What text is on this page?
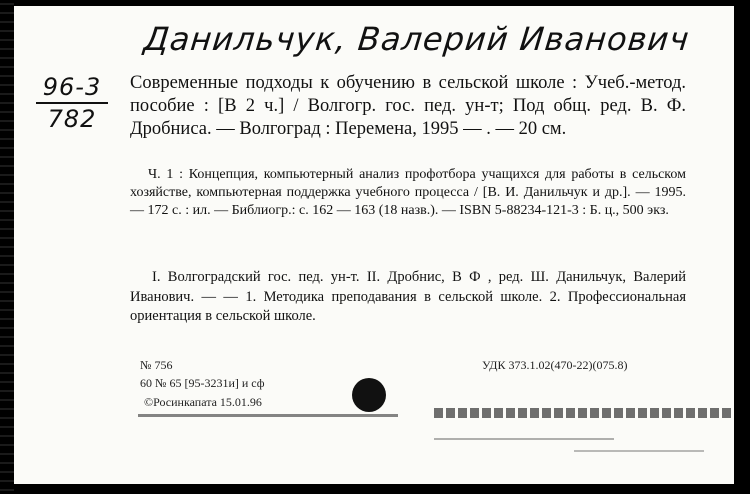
Данильчук, Валерий Иванович
96-3
782
Современные подходы к обучению в сельской школе : Учеб.-метод. пособие : [В 2 ч.] / Волгогр. гос. пед. ун-т; Под общ. ред. В. Ф. Дробниса. — Волгоград : Перемена, 1995 — . — 20 см.
Ч. 1 : Концепция, компьютерный анализ профотбора учащихся для работы в сельском хозяйстве, компьютерная поддержка учебного процесса / [В. И. Данильчук и др.]. — 1995. — 172 с. : ил. — Библиогр.: с. 162 — 163 (18 назв.). — ISBN 5-88234-121-3 : Б. ц., 500 экз.
I. Волгоградский гос. пед. ун-т. II. Дробнис, В Ф , ред. Ш. Данильчук, Валерий Иванович. — — 1. Методика преподавания в сельской школе. 2. Профессиональная ориентация в сельской школе.
№ 756	УДК 373.1.02(470-22)(075.8)
60 № 65 [95-3231и] и сф
©Росинкапата 15.01.96
